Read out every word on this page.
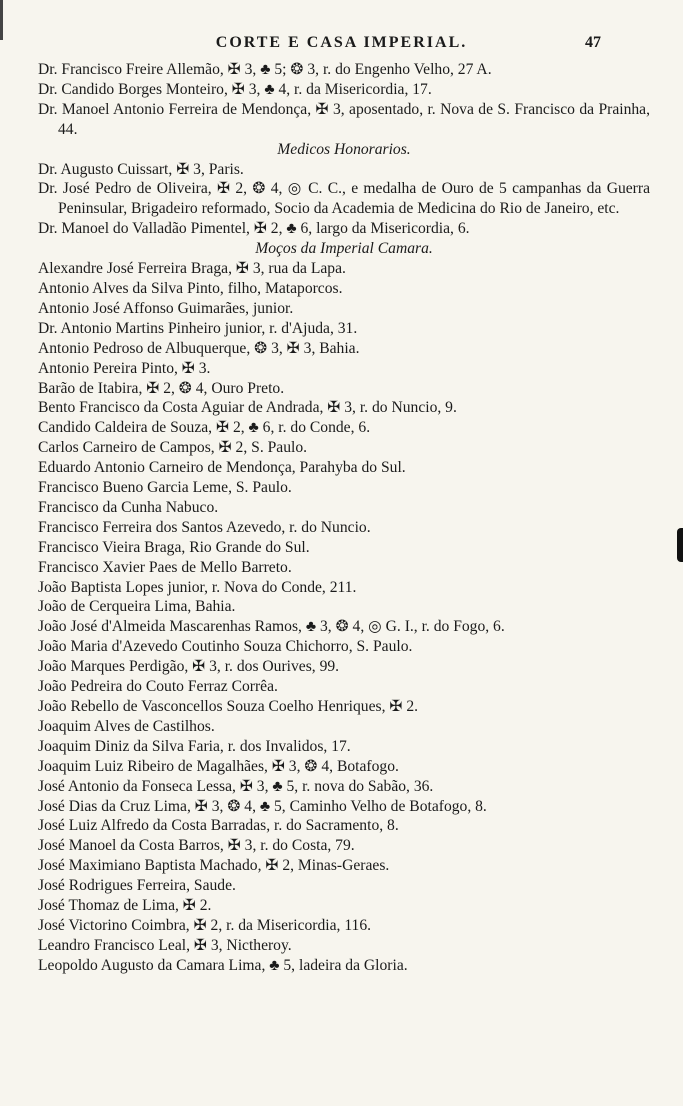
CORTE E CASA IMPERIAL.	47
Dr. Francisco Freire Allemão, ✠ 3, ♣ 5; ❂ 3, r. do Engenho Velho, 27 A.
Dr. Candido Borges Monteiro, ✠ 3, ♣ 4, r. da Misericordia, 17.
Dr. Manoel Antonio Ferreira de Mendonça, ✠ 3, aposentado, r. Nova de S. Francisco da Prainha, 44.
Medicos Honorarios.
Dr. Augusto Cuissart, ✠ 3, Paris.
Dr. José Pedro de Oliveira, ✠ 2, ❂ 4, ◎ C. C., e medalha de Ouro de 5 campanhas da Guerra Peninsular, Brigadeiro reformado, Socio da Academia de Medicina do Rio de Janeiro, etc.
Dr. Manoel do Valladão Pimentel, ✠ 2, ♣ 6, largo da Misericordia, 6.
Moços da Imperial Camara.
Alexandre José Ferreira Braga, ✠ 3, rua da Lapa.
Antonio Alves da Silva Pinto, filho, Mataporcos.
Antonio José Affonso Guimarães, junior.
Dr. Antonio Martins Pinheiro junior, r. d'Ajuda, 31.
Antonio Pedroso de Albuquerque, ❂ 3, ✠ 3, Bahia.
Antonio Pereira Pinto, ✠ 3.
Barão de Itabira, ✠ 2, ❂ 4, Ouro Preto.
Bento Francisco da Costa Aguiar de Andrada, ✠ 3, r. do Nuncio, 9.
Candido Caldeira de Souza, ✠ 2, ♣ 6, r. do Conde, 6.
Carlos Carneiro de Campos, ✠ 2, S. Paulo.
Eduardo Antonio Carneiro de Mendonça, Parahyba do Sul.
Francisco Bueno Garcia Leme, S. Paulo.
Francisco da Cunha Nabuco.
Francisco Ferreira dos Santos Azevedo, r. do Nuncio.
Francisco Vieira Braga, Rio Grande do Sul.
Francisco Xavier Paes de Mello Barreto.
João Baptista Lopes junior, r. Nova do Conde, 211.
João de Cerqueira Lima, Bahia.
João José d'Almeida Mascarenhas Ramos, ♣ 3, ❂ 4, ◎ G. I., r. do Fogo, 6.
João Maria d'Azevedo Coutinho Souza Chichorro, S. Paulo.
João Marques Perdigão, ✠ 3, r. dos Ourives, 99.
João Pedreira do Couto Ferraz Corrêa.
João Rebello de Vasconcellos Souza Coelho Henriques, ✠ 2.
Joaquim Alves de Castilhos.
Joaquim Diniz da Silva Faria, r. dos Invalidos, 17.
Joaquim Luiz Ribeiro de Magalhães, ✠ 3, ❂ 4, Botafogo.
José Antonio da Fonseca Lessa, ✠ 3, ♣ 5, r. nova do Sabão, 36.
José Dias da Cruz Lima, ✠ 3, ❂ 4, ♣ 5, Caminho Velho de Botafogo, 8.
José Luiz Alfredo da Costa Barradas, r. do Sacramento, 8.
José Manoel da Costa Barros, ✠ 3, r. do Costa, 79.
José Maximiano Baptista Machado, ✠ 2, Minas-Geraes.
José Rodrigues Ferreira, Saude.
José Thomaz de Lima, ✠ 2.
José Victorino Coimbra, ✠ 2, r. da Misericordia, 116.
Leandro Francisco Leal, ✠ 3, Nictheroy.
Leopoldo Augusto da Camara Lima, ♣ 5, ladeira da Gloria.
